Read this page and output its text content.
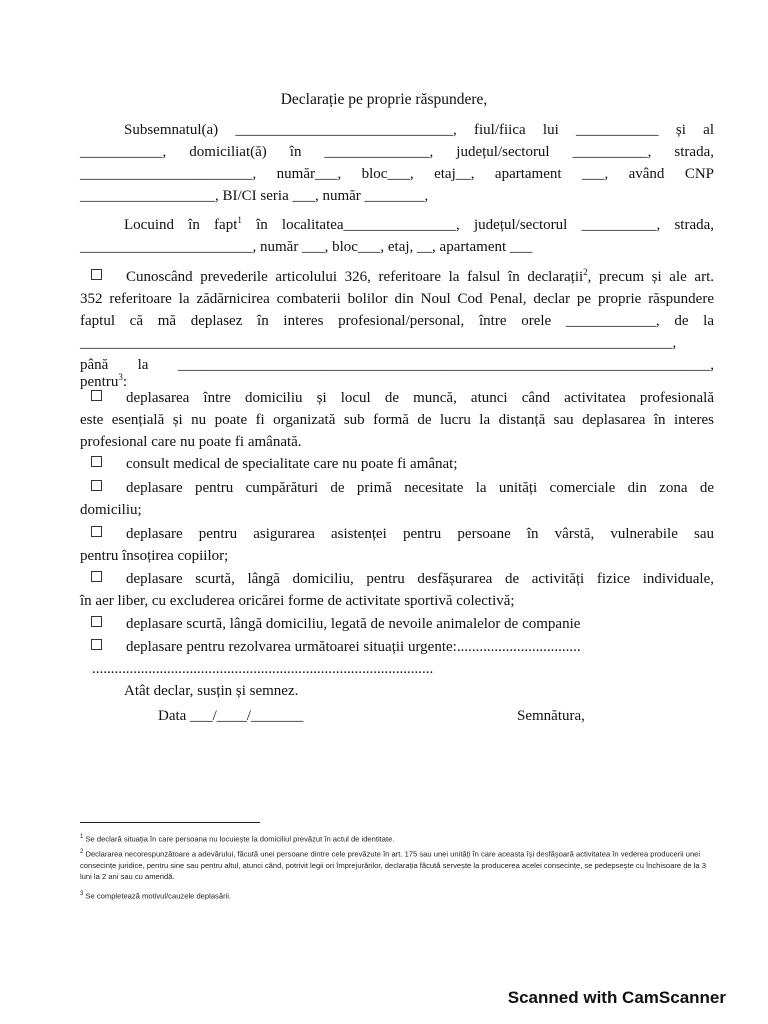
Declarație pe proprie răspundere,
Subsemnatul(a) _____________________________, fiul/fiica lui ___________ și al
___________, domiciliat(ă) în ______________, județul/sectorul __________, strada,
_______________________, număr___, bloc___, etaj__, apartament ___, având CNP
__________________, BI/CI seria ___, număr ________,
Locuind în fapt$^1$ în localitatea_______________, județul/sectorul __________, strada,
_______________________, număr ___, bloc___, etaj, __, apartament ___
Cunoscând prevederile articolului 326, referitoare la falsul în declarații$^2$, precum și ale art.
352 referitoare la zădărnicirea combaterii bolilor din Noul Cod Penal, declar pe proprie răspundere
faptul că mă deplasez în interes profesional/personal, între orele ____________, de la
_______________________________________________________________________________,
până la _______________________________________________________________________,
pentru$^3$:
deplasarea între domiciliu și locul de muncă, atunci când activitatea profesională
este esențială și nu poate fi organizată sub formă de lucru la distanță sau deplasarea în interes
profesional care nu poate fi amânată.
consult medical de specialitate care nu poate fi amânat;
deplasare pentru cumpărături de primă necesitate la unități comerciale din zona de
domiciliu;
deplasare pentru asigurarea asistenței pentru persoane în vârstă, vulnerabile sau
pentru însoțirea copiilor;
deplasare scurtă, lângă domiciliu, pentru desfășurarea de activități fizice individuale,
în aer liber, cu excluderea oricărei forme de activitate sportivă colectivă;
deplasare scurtă, lângă domiciliu, legată de nevoile animalelor de companie
deplasare pentru rezolvarea următoarei situații urgente:.................................
...........................................................................................
Atât declar, susțin și semnez.
Data ___/____/_______	Semnătura,
$^1$ Se declară situația în care persoana nu locuiește la domiciliul prevăzut în actul de identitate.
$^2$ Declararea necorespunzătoare a adevărului, făcută unei persoane dintre cele prevăzute în art. 175 sau unei unități în care aceasta își desfășoară activitatea în vederea producerii unei consecințe juridice, pentru sine sau pentru altul, atunci când, potrivit legii ori împrejurărilor, declarația făcută servește la producerea acelei consecințe, se pedepsește cu închisoare de la 3 luni la 2 ani sau cu amendă.
$^3$ Se completează motivul/cauzele deplasării.
Scanned with CamScanner
